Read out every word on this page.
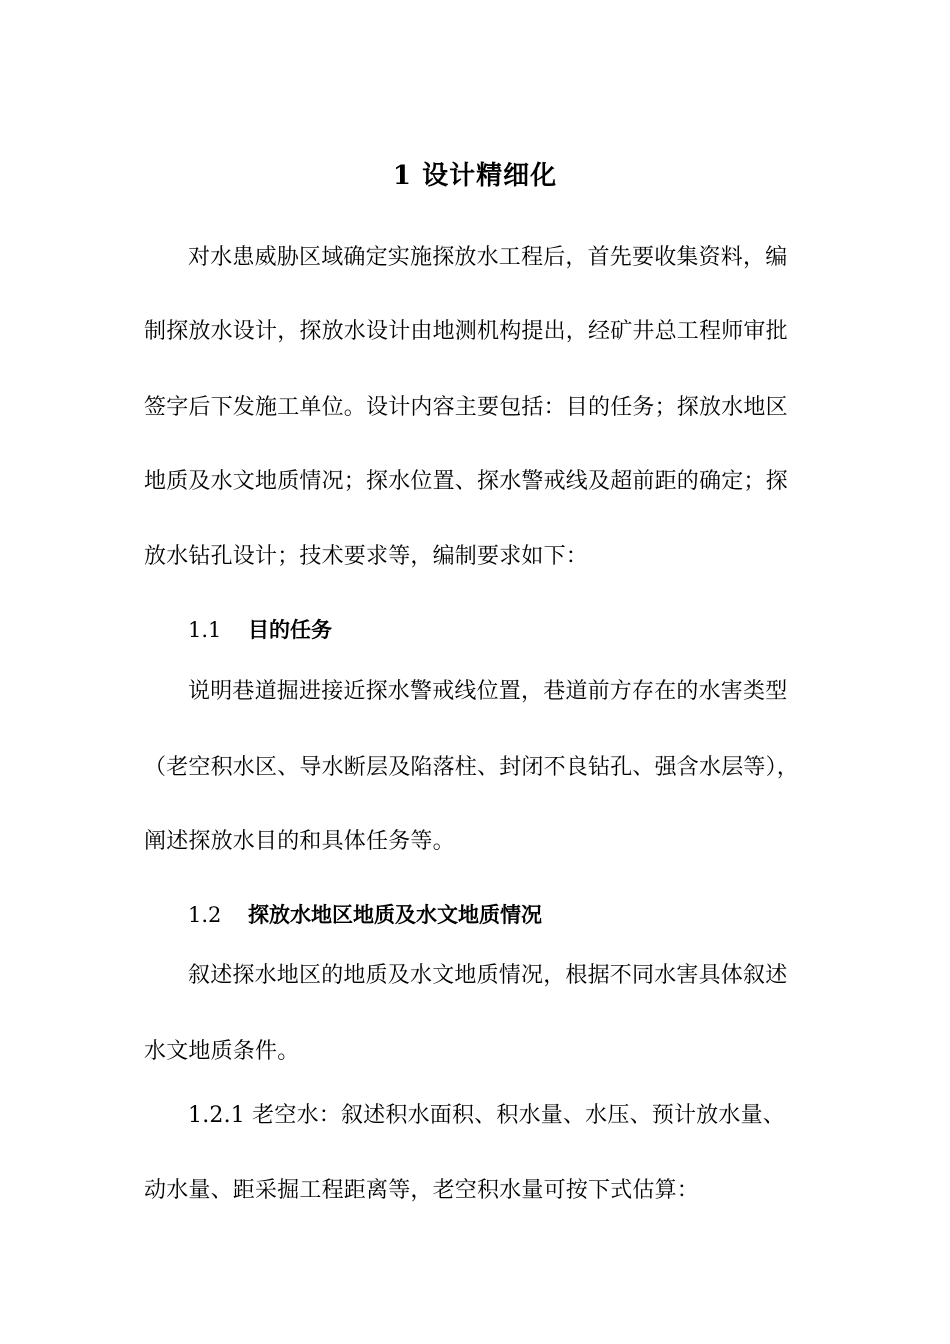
1 设计精细化
对水患威胁区域确定实施探放水工程后，首先要收集资料，编
制探放水设计，探放水设计由地测机构提出，经矿井总工程师审批
签字后下发施工单位。设计内容主要包括：目的任务；探放水地区
地质及水文地质情况；探水位置、探水警戒线及超前距的确定；探
放水钻孔设计；技术要求等，编制要求如下：
1.1 目的任务
说明巷道掘进接近探水警戒线位置，巷道前方存在的水害类型
（老空积水区、导水断层及陷落柱、封闭不良钻孔、强含水层等），
阐述探放水目的和具体任务等。
1.2 探放水地区地质及水文地质情况
叙述探水地区的地质及水文地质情况，根据不同水害具体叙述
水文地质条件。
1.2.1 老空水：叙述积水面积、积水量、水压、预计放水量、
动水量、距采掘工程距离等，老空积水量可按下式估算：
